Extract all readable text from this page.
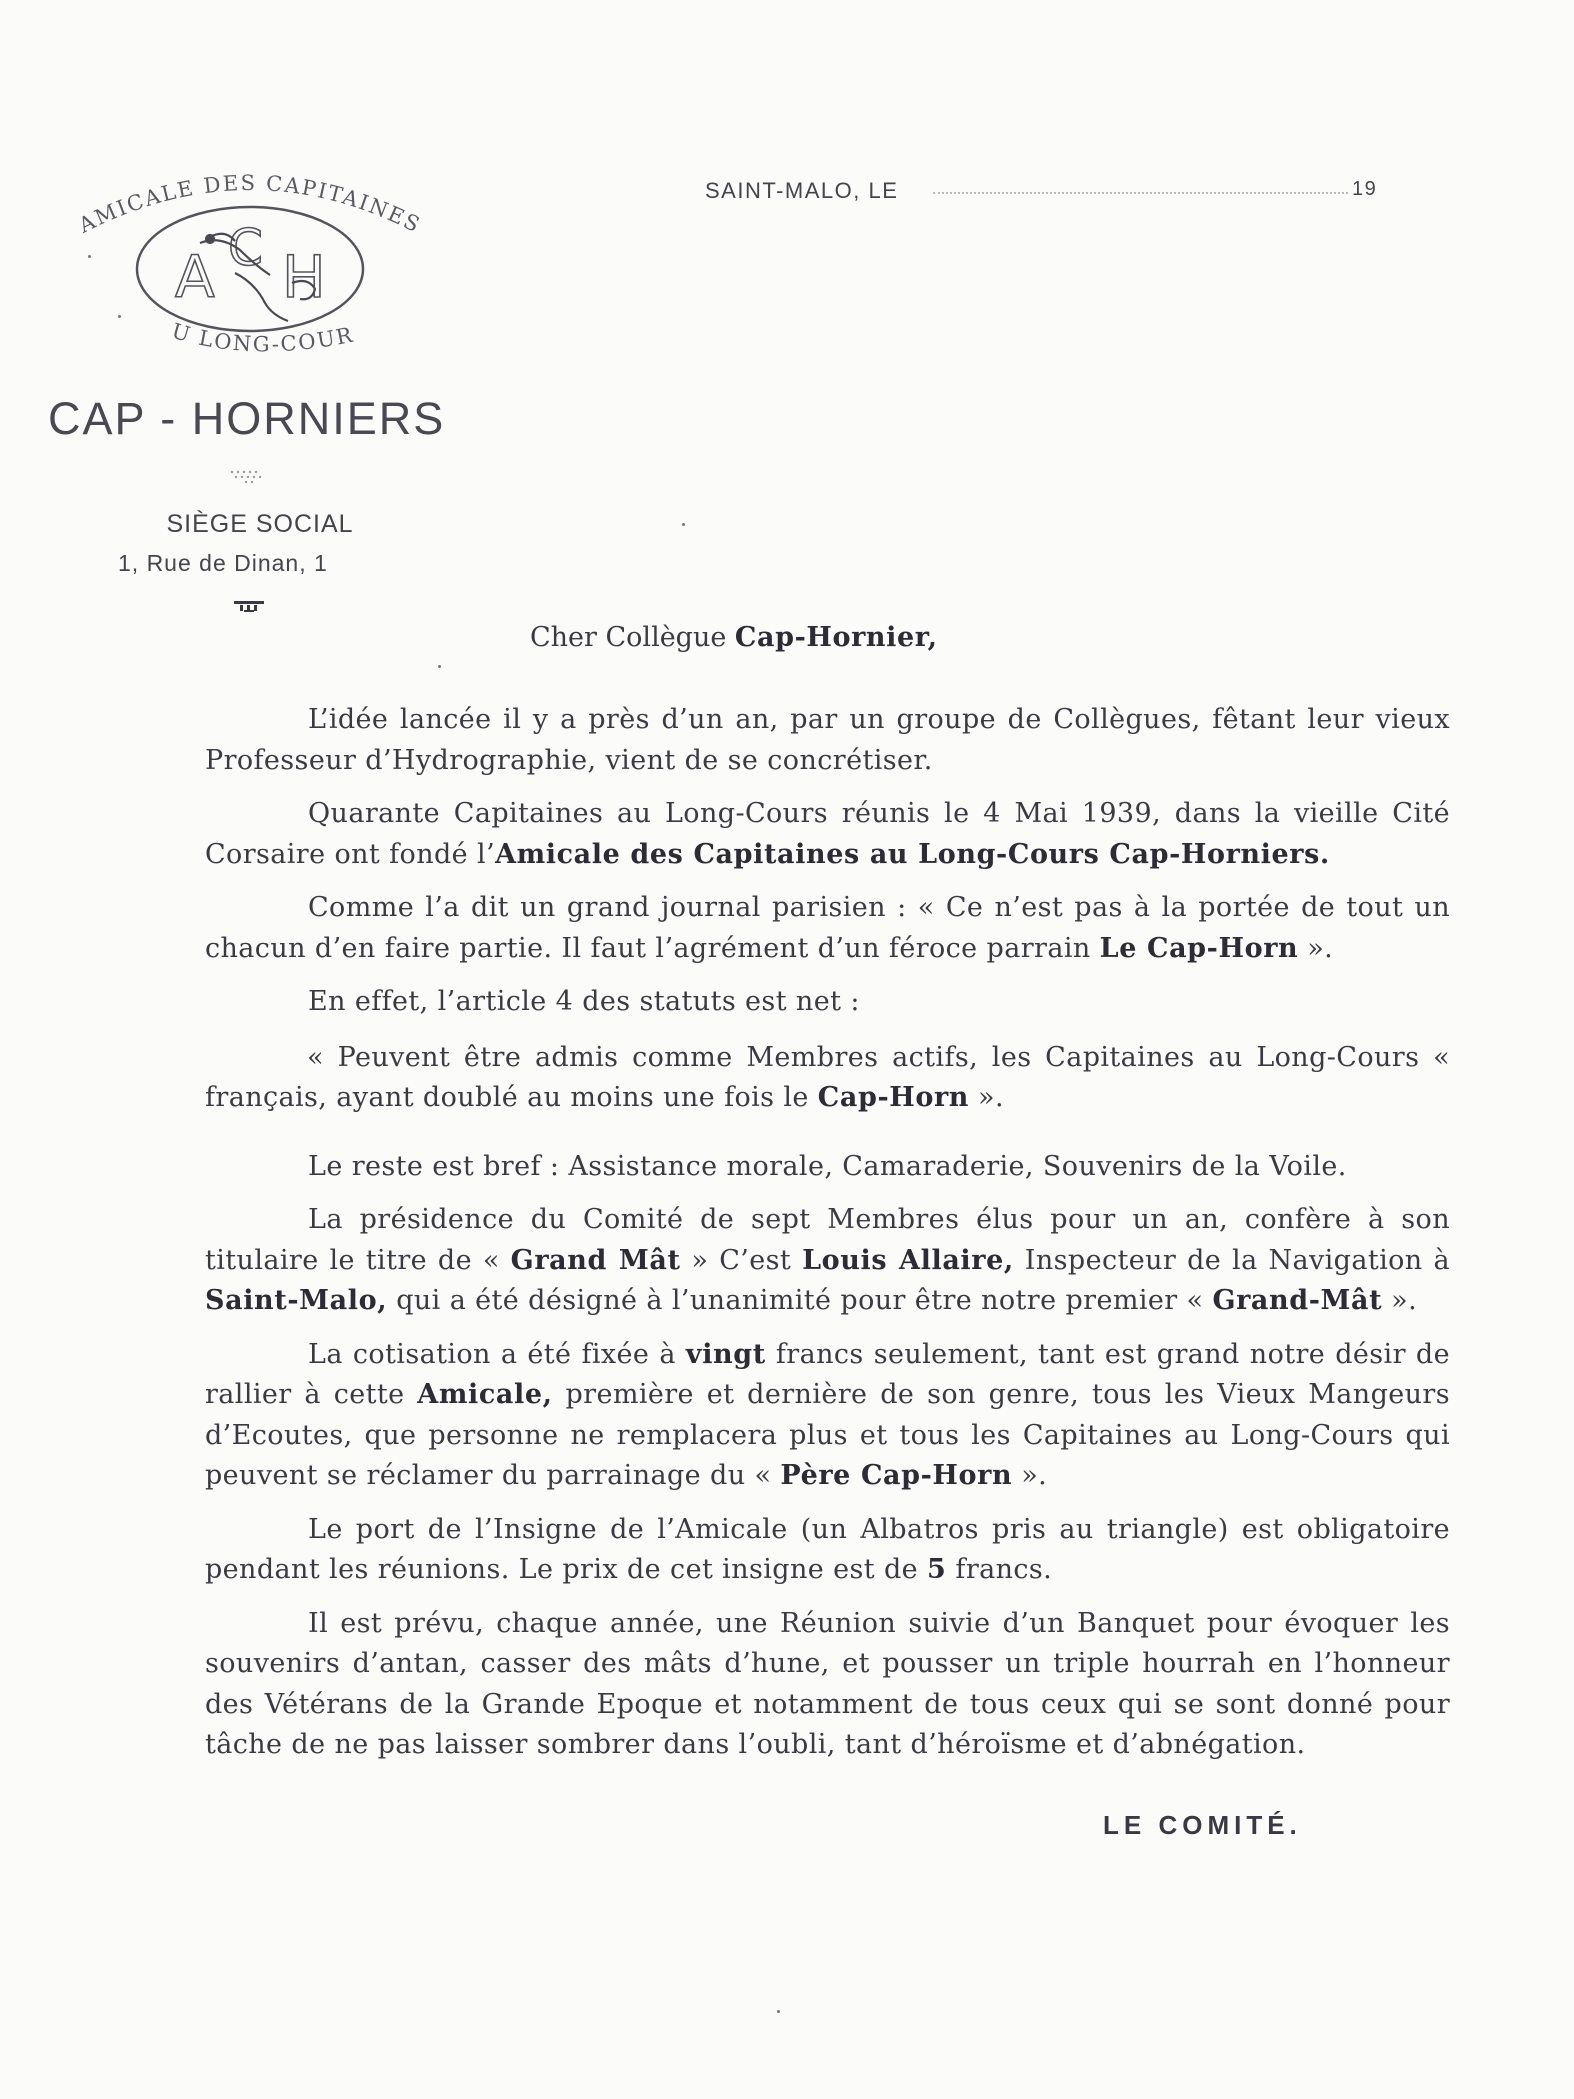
AMICALE DES CAPITAINES
A C H
U LONG-COUR
CAP - HORNIERS
SIÈGE SOCIAL
1, Rue de Dinan, 1
SAINT-MALO, LE	19
Cher Collègue Cap-Hornier,

L’idée lancée il y a près d’un an, par un groupe de Collègues, fêtant leur vieux Professeur d’Hydrographie, vient de se concrétiser.

Quarante Capitaines au Long-Cours réunis le 4 Mai 1939, dans la vieille Cité Corsaire ont fondé l’Amicale des Capitaines au Long-Cours Cap-Horniers.

Comme l’a dit un grand journal parisien : « Ce n’est pas à la portée de tout un chacun d’en faire partie. Il faut l’agrément d’un féroce parrain Le Cap-Horn ».

En effet, l’article 4 des statuts est net :

« Peuvent être admis comme Membres actifs, les Capitaines au Long-Cours « français, ayant doublé au moins une fois le Cap-Horn ».

Le reste est bref : Assistance morale, Camaraderie, Souvenirs de la Voile.

La présidence du Comité de sept Membres élus pour un an, confère à son titulaire le titre de « Grand Mât » C’est Louis Allaire, Inspecteur de la Navigation à Saint-Malo, qui a été désigné à l’unanimité pour être notre premier « Grand-Mât ».

La cotisation a été fixée à vingt francs seulement, tant est grand notre désir de rallier à cette Amicale, première et dernière de son genre, tous les Vieux Mangeurs d’Ecoutes, que personne ne remplacera plus et tous les Capitaines au Long-Cours qui peuvent se réclamer du parrainage du « Père Cap-Horn ».

Le port de l’Insigne de l’Amicale (un Albatros pris au triangle) est obligatoire pendant les réunions. Le prix de cet insigne est de 5 francs.

Il est prévu, chaque année, une Réunion suivie d’un Banquet pour évoquer les souvenirs d’antan, casser des mâts d’hune, et pousser un triple hourrah en l’honneur des Vétérans de la Grande Epoque et notamment de tous ceux qui se sont donné pour tâche de ne pas laisser sombrer dans l’oubli, tant d’héroïsme et d’abnégation.

LE COMITÉ.
